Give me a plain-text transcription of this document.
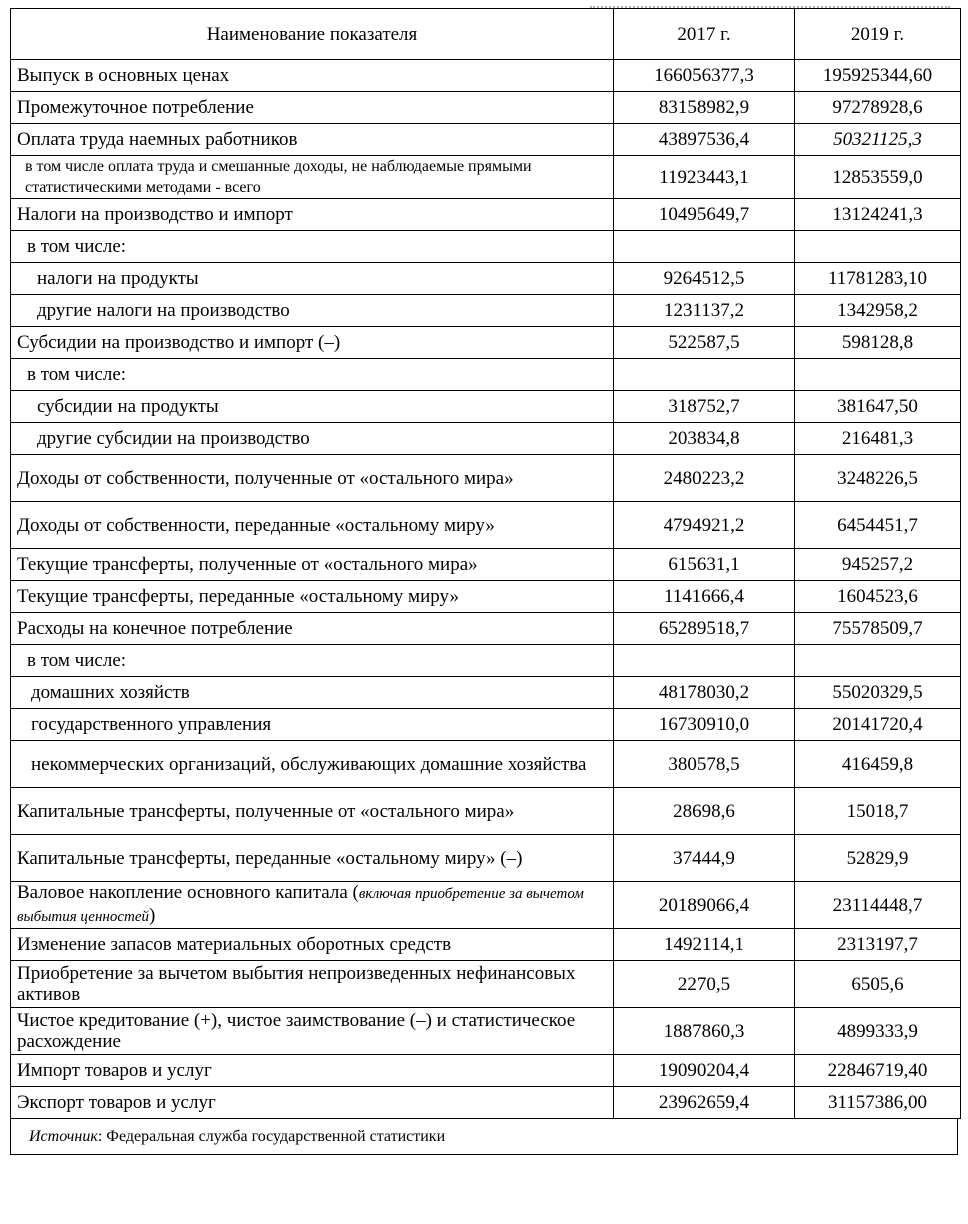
Наименование показателя	2017 г.	2019 г.
Выпуск в основных ценах	166056377,3	195925344,60
Промежуточное потребление	83158982,9	97278928,6
Оплата труда наемных работников	43897536,4	50321125,3
в том числе оплата труда и смешанные доходы, не наблюдаемые прямыми статистическими методами - всего	11923443,1	12853559,0
Налоги на производство и импорт	10495649,7	13124241,3
в том числе:		
налоги на продукты	9264512,5	11781283,10
другие налоги на производство	1231137,2	1342958,2
Субсидии на производство и импорт (–)	522587,5	598128,8
в том числе:		
субсидии на продукты	318752,7	381647,50
другие субсидии на производство	203834,8	216481,3
Доходы от собственности, полученные от «остального мира»	2480223,2	3248226,5
Доходы от собственности, переданные «остальному миру»	4794921,2	6454451,7
Текущие трансферты, полученные от «остального мира»	615631,1	945257,2
Текущие трансферты, переданные «остальному миру»	1141666,4	1604523,6
Расходы на конечное потребление	65289518,7	75578509,7
в том числе:		
домашних хозяйств	48178030,2	55020329,5
государственного управления	16730910,0	20141720,4
некоммерческих организаций, обслуживающих домашние хозяйства	380578,5	416459,8
Капитальные трансферты, полученные от «остального мира»	28698,6	15018,7
Капитальные трансферты, переданные «остальному миру» (–)	37444,9	52829,9
Валовое накопление основного капитала (включая приобретение за вычетом выбытия ценностей)	20189066,4	23114448,7
Изменение запасов материальных оборотных средств	1492114,1	2313197,7
Приобретение за вычетом выбытия непроизведенных нефинансовых активов	2270,5	6505,6
Чистое кредитование (+), чистое заимствование (–) и статистическое расхождение	1887860,3	4899333,9
Импорт товаров и услуг	19090204,4	22846719,40
Экспорт товаров и услуг	23962659,4	31157386,00
Источник: Федеральная служба государственной статистики
